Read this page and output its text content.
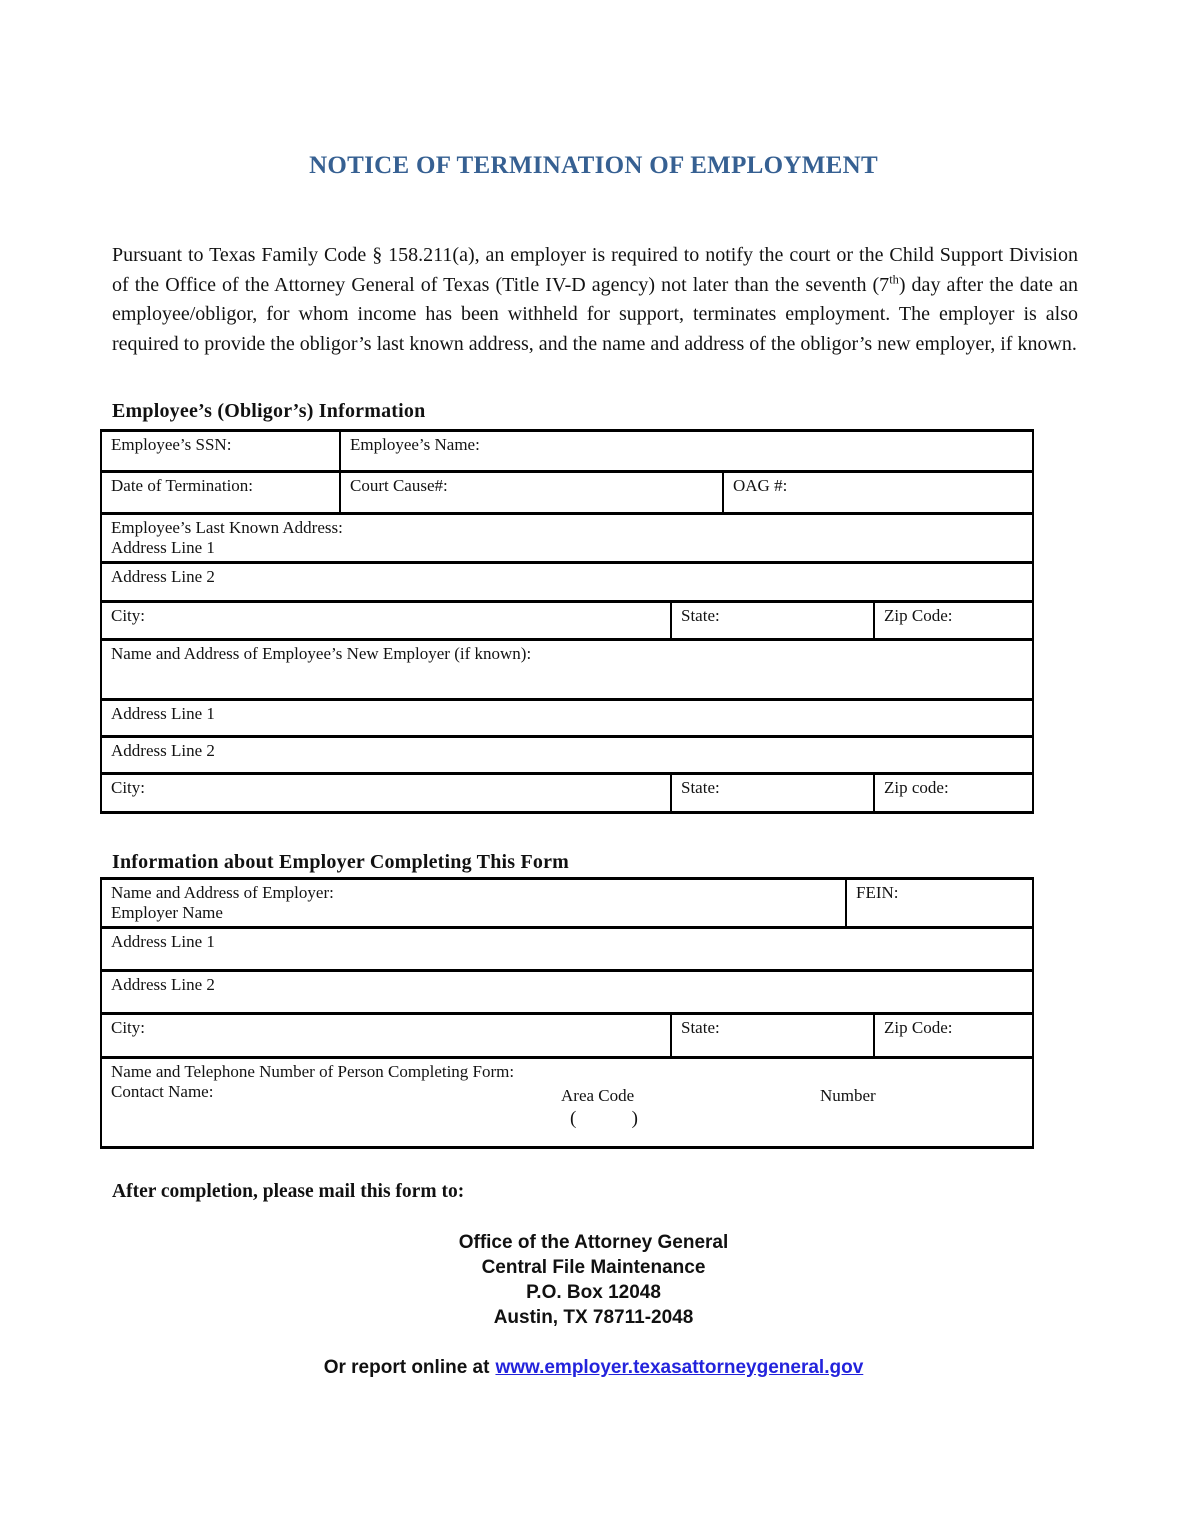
NOTICE OF TERMINATION OF EMPLOYMENT

Pursuant to Texas Family Code § 158.211(a), an employer is required to notify the court or the Child Support Division of the Office of the Attorney General of Texas (Title IV-D agency) not later than the seventh (7th) day after the date an employee/obligor, for whom income has been withheld for support, terminates employment. The employer is also required to provide the obligor’s last known address, and the name and address of the obligor’s new employer, if known.

Employee’s (Obligor’s) Information
Employee’s SSN:	Employee’s Name:			

Date of Termination:	Court Cause#:		OAG #:	

Employee’s Last Known Address:
Address Line 1				

Address Line 2				

City:		State:		Zip Code:

Name and Address of Employee’s New Employer (if known):				

Address Line 1				

Address Line 2				

City:		State:		Zip code:
Information about Employer Completing This Form
Name and Address of Employer:
Employer Name		FEIN:	

Address Line 1			

Address Line 2			

City:	State:		Zip Code:

Name and Telephone Number of Person Completing Form:
Contact Name:	Area Code	Number
(	)
After completion, please mail this form to:
Office of the Attorney General
Central File Maintenance
P.O. Box 12048
Austin, TX 78711-2048
Or report online at www.employer.texasattorneygeneral.gov
